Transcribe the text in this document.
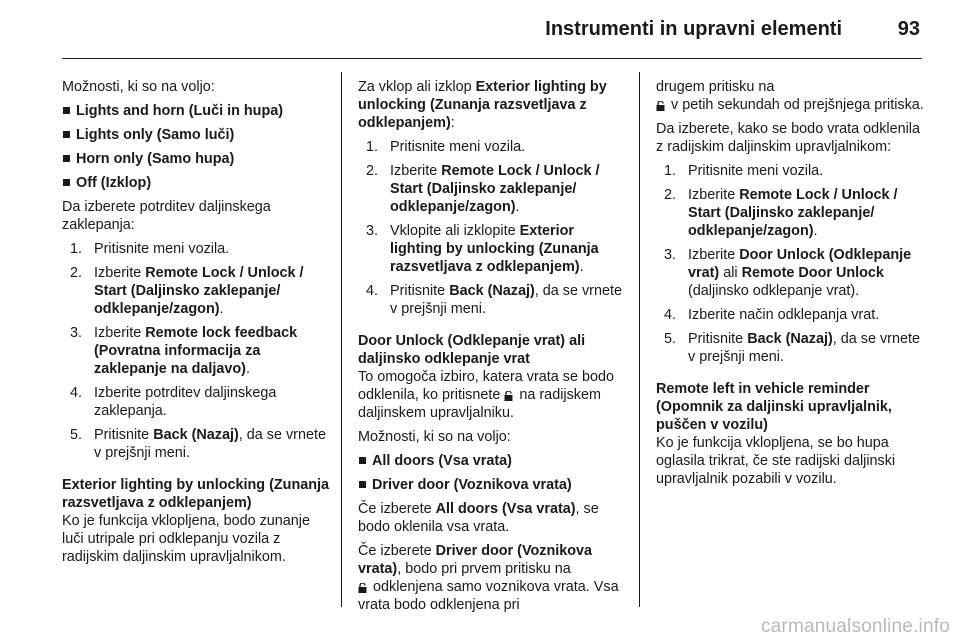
Instrumenti in upravni elementi	93

Možnosti, ki so na voljo:

Lights and horn (Luči in hupa)
Lights only (Samo luči)
Horn only (Samo hupa)
Off (Izklop)

Da izberete potrditev daljinskega zaklepanja:

1. Pritisnite meni vozila.
2. Izberite Remote Lock / Unlock / Start (Daljinsko zaklepanje/ odklepanje/zagon).
3. Izberite Remote lock feedback (Povratna informacija za zaklepanje na daljavo).
4. Izberite potrditev daljinskega zaklepanja.
5. Pritisnite Back (Nazaj), da se vrnete v prejšnji meni.

Exterior lighting by unlocking (Zunanja razsvetljava z odklepanjem)

Ko je funkcija vklopljena, bodo zunanje luči utripale pri odklepanju vozila z radijskim daljinskim upravljalnikom.

Za vklop ali izklop Exterior lighting by unlocking (Zunanja razsvetljava z odklepanjem):

1. Pritisnite meni vozila.
2. Izberite Remote Lock / Unlock / Start (Daljinsko zaklepanje/ odklepanje/zagon).
3. Vklopite ali izklopite Exterior lighting by unlocking (Zunanja razsvetljava z odklepanjem).
4. Pritisnite Back (Nazaj), da se vrnete v prejšnji meni.

Door Unlock (Odklepanje vrat) ali daljinsko odklepanje vrat

To omogoča izbiro, katera vrata se bodo odklenila, ko pritisnete
na radijskem daljinskem upravljalniku.

Možnosti, ki so na voljo:

All doors (Vsa vrata)
Driver door (Voznikova vrata)

Če izberete All doors (Vsa vrata), se bodo oklenila vsa vrata.

Če izberete Driver door (Voznikova vrata), bodo pri prvem pritisku na

odklenjena samo voznikova vrata. Vsa vrata bodo odklenjena pri

drugem pritisku na

v petih sekundah od prejšnjega pritiska.

Da izberete, kako se bodo vrata odklenila z radijskim daljinskim upravljalnikom:

1. Pritisnite meni vozila.
2. Izberite Remote Lock / Unlock / Start (Daljinsko zaklepanje/ odklepanje/zagon).
3. Izberite Door Unlock (Odklepanje vrat) ali Remote Door Unlock (daljinsko odklepanje vrat).
4. Izberite način odklepanja vrat.
5. Pritisnite Back (Nazaj), da se vrnete v prejšnji meni.

Remote left in vehicle reminder (Opomnik za daljinski upravljalnik, puščen v vozilu)

Ko je funkcija vklopljena, se bo hupa oglasila trikrat, če ste radijski daljinski upravljalnik pozabili v vozilu.

carmanualsonline.info
